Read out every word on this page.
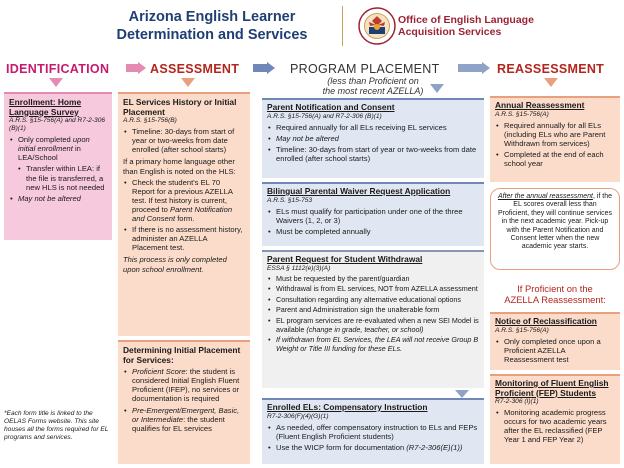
Arizona English Learner
Determination and Services
Office of English Language
Acquisition Services
IDENTIFICATION	ASSESSMENT	PROGRAM PLACEMENT	REASSESSMENT
(less than Proficient on
the most recent AZELLA)
Enrollment: Home Language Survey
A.R.S. §15-756(A) and R7-2-306 (B)(1)
• Only completed upon initial enrollment in LEA/School
• Transfer within LEA: if the file is transferred, a new HLS is not needed
• May not be altered
EL Services History or Initial Placement
A.R.S. §15-756(B)
• Timeline: 30-days from start of year or two-weeks from date enrolled (after school starts)

If a primary home language other than English is noted on the HLS:

• Check the student's EL 70 Report for a previous AZELLA test. If test history is current, proceed to Parent Notification and Consent form.
• If there is no assessment history, administer an AZELLA Placement test.

This process is only completed upon school enrollment.

Determining Initial Placement for Services:
• Proficient Score: the student is considered Initial English Fluent Proficient (IFEP), no services or documentation is required
• Pre-Emergent/Emergent, Basic, or Intermediate: the student qualifies for EL services
*Each form title is linked to the OELAS Forms website. This site houses all the forms required for EL programs and services.
Parent Notification and Consent
A.R.S. §15-756(A) and R7-2-306 (B)(1)
• Required annually for all ELs receiving EL services
• May not be altered
• Timeline: 30-days from start of year or two-weeks from date enrolled (after school starts)
Bilingual Parental Waiver Request Application
A.R.S. §15-753
• ELs must qualify for participation under one of the three Waivers (1, 2, or 3)
• Must be completed annually
Parent Request for Student Withdrawal
ESSA § 1112(e)(3)(A)
• Must be requested by the parent/guardian
• Withdrawal is from EL services, NOT from AZELLA assessment
• Consultation regarding any alternative educational options
• Parent and Administration sign the unalterable form
• EL program services are re-evaluated when a new SEI Model is available (change in grade, teacher, or school)
• If withdrawn from EL Services, the LEA will not receive Group B Weight or Title III funding for these ELs.
Enrolled ELs: Compensatory Instruction
R7-2-306(F)(4)(G)(1)
• As needed, offer compensatory instruction to ELs and FEPs (Fluent English Proficient students)
• Use the WICP form for documentation (R7-2-306(E)(1))
Annual Reassessment
A.R.S. §15-756(A)
• Required annually for all ELs (including ELs who are Parent Withdrawn from services)
• Completed at the end of each school year
After the annual reassessment, if the EL scores overall less than Proficient, they will continue services in the next academic year. Pick-up with the Parent Notification and Consent letter when the new academic year starts.
If Proficient on the
AZELLA Reassessment:
Notice of Reclassification
A.R.S. §15-756(A)
• Only completed once upon a Proficient AZELLA Reassessment test
Monitoring of Fluent English Proficient (FEP) Students
R7-2-306 (I)(1)
• Monitoring academic progress occurs for two academic years after the EL reclassified (FEP Year 1 and FEP Year 2)
